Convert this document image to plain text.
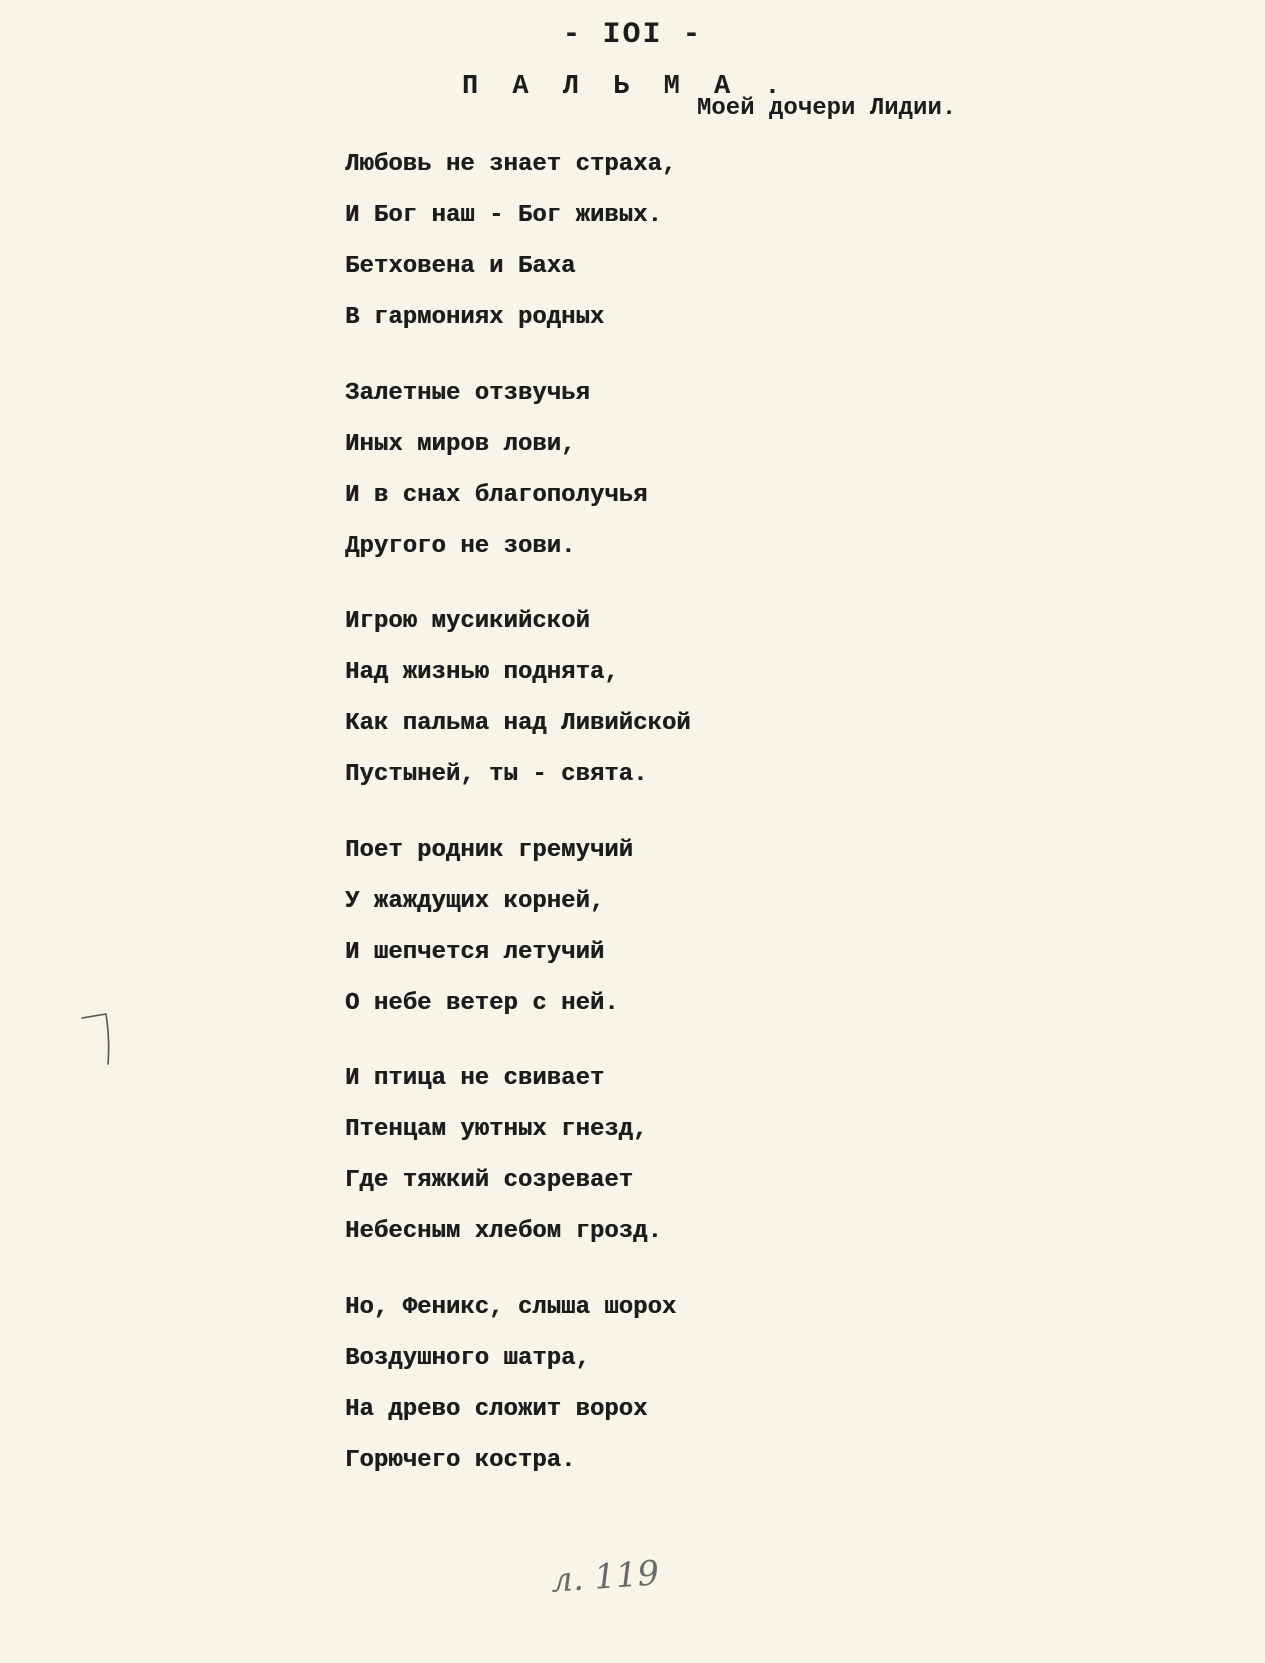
- IOI -
П А Л Ь М А .
Моей дочери Лидии.
Любовь не знает страха,
И Бог наш - Бог живых.
Бетховена и Баха
В гармониях родных
Залетные отзвучья
Иных миров лови,
И в снах благополучья
Другого не зови.
Игрою мусикийской
Над жизнью поднята,
Как пальма над Ливийской
Пустыней, ты - свята.
Поет родник гремучий
У жаждущих корней,
И шепчется летучий
О небе ветер с ней.
И птица не свивает
Птенцам уютных гнезд,
Где тяжкий созревает
Небесным хлебом грозд.
Но, Феникс, слыша шорох
Воздушного шатра,
На древо сложит ворох
Горючего костра.
л. 119
